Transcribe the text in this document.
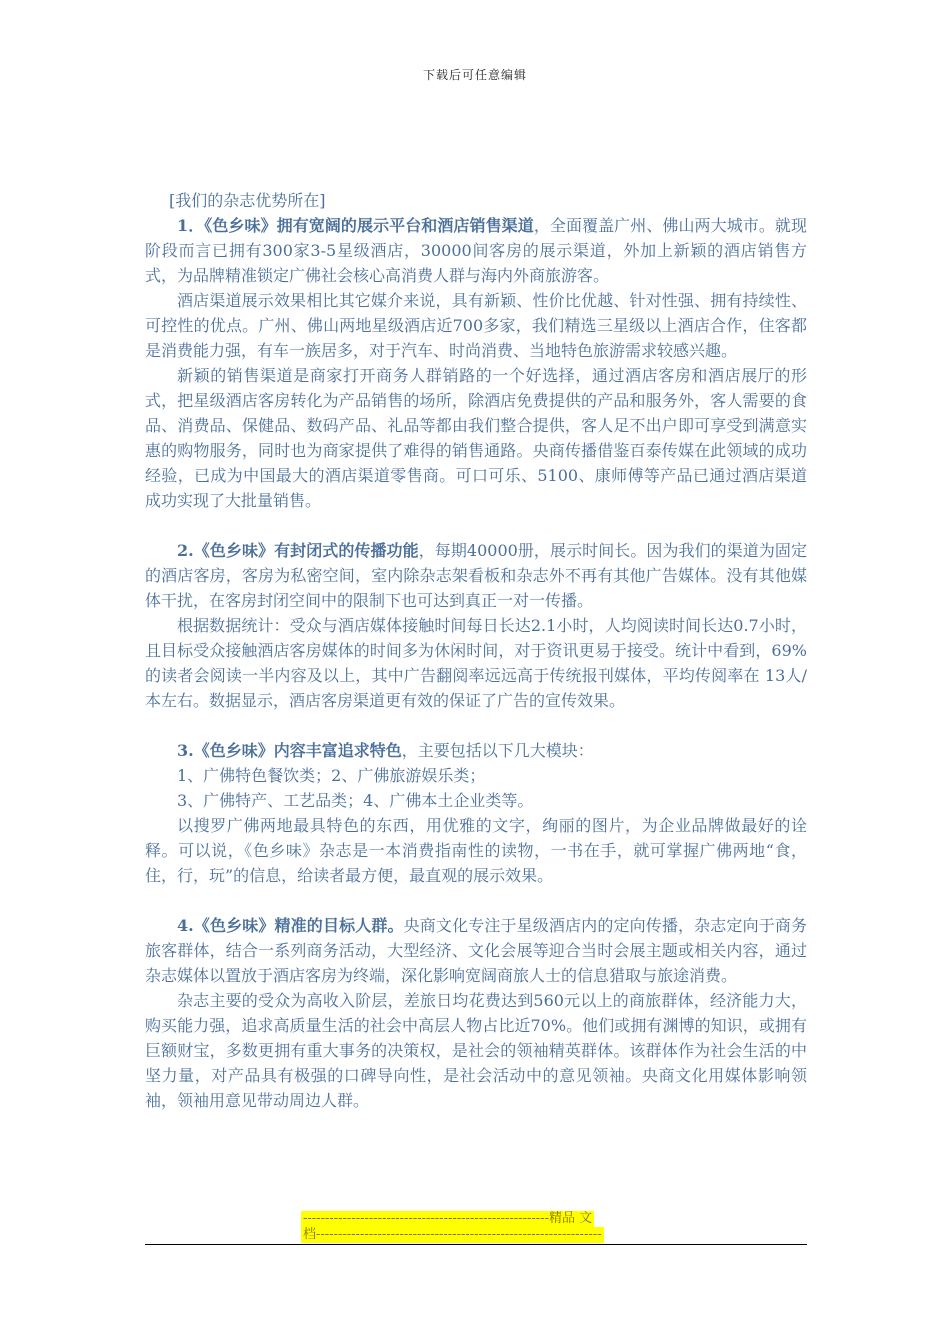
下载后可任意编辑

[我们的杂志优势所在]

1．《色乡味》拥有宽阔的展示平台和酒店销售渠道，全面覆盖广州、佛山两大城市。就现阶段而言已拥有300家3-5星级酒店，30000间客房的展示渠道，外加上新颖的酒店销售方式，为品牌精准锁定广佛社会核心高消费人群与海内外商旅游客。

酒店渠道展示效果相比其它媒介来说，具有新颖、性价比优越、针对性强、拥有持续性、可控性的优点。广州、佛山两地星级酒店近700多家，我们精选三星级以上酒店合作，住客都是消费能力强，有车一族居多，对于汽车、时尚消费、当地特色旅游需求较感兴趣。

新颖的销售渠道是商家打开商务人群销路的一个好选择，通过酒店客房和酒店展厅的形式，把星级酒店客房转化为产品销售的场所，除酒店免费提供的产品和服务外，客人需要的食品、消费品、保健品、数码产品、礼品等都由我们整合提供，客人足不出户即可享受到满意实惠的购物服务，同时也为商家提供了难得的销售通路。央商传播借鉴百泰传媒在此领域的成功经验，已成为中国最大的酒店渠道零售商。可口可乐、5100、康师傅等产品已通过酒店渠道成功实现了大批量销售。

2.《色乡味》有封闭式的传播功能，每期40000册，展示时间长。因为我们的渠道为固定的酒店客房，客房为私密空间，室内除杂志架看板和杂志外不再有其他广告媒体。没有其他媒体干扰，在客房封闭空间中的限制下也可达到真正一对一传播。

根据数据统计：受众与酒店媒体接触时间每日长达2.1小时，人均阅读时间长达0.7小时，且目标受众接触酒店客房媒体的时间多为休闲时间，对于资讯更易于接受。统计中看到，69%的读者会阅读一半内容及以上，其中广告翻阅率远远高于传统报刊媒体，平均传阅率在 13人/本左右。数据显示，酒店客房渠道更有效的保证了广告的宣传效果。

3.《色乡味》内容丰富追求特色，主要包括以下几大模块：

1、广佛特色餐饮类；2、广佛旅游娱乐类；

3、广佛特产、工艺品类；4、广佛本土企业类等。

以搜罗广佛两地最具特色的东西，用优雅的文字，绚丽的图片，为企业品牌做最好的诠释。可以说，《色乡味》杂志是一本消费指南性的读物，一书在手，就可掌握广佛两地“食，住，行，玩”的信息，给读者最方便，最直观的展示效果。

4.《色乡味》精准的目标人群。央商文化专注于星级酒店内的定向传播，杂志定向于商务旅客群体，结合一系列商务活动，大型经济、文化会展等迎合当时会展主题或相关内容，通过杂志媒体以置放于酒店客房为终端，深化影响宽阔商旅人士的信息猎取与旅途消费。

杂志主要的受众为高收入阶层，差旅日均花费达到560元以上的商旅群体，经济能力大，购买能力强，追求高质量生活的社会中高层人物占比近70%。他们或拥有渊博的知识，或拥有巨额财宝，多数更拥有重大事务的决策权，是社会的领袖精英群体。该群体作为社会生活的中坚力量，对产品具有极强的口碑导向性，是社会活动中的意见领袖。央商文化用媒体影响领袖，领袖用意见带动周边人群。

--------------------------------------------------------精品 文
档-----------------------------------------------------------------
